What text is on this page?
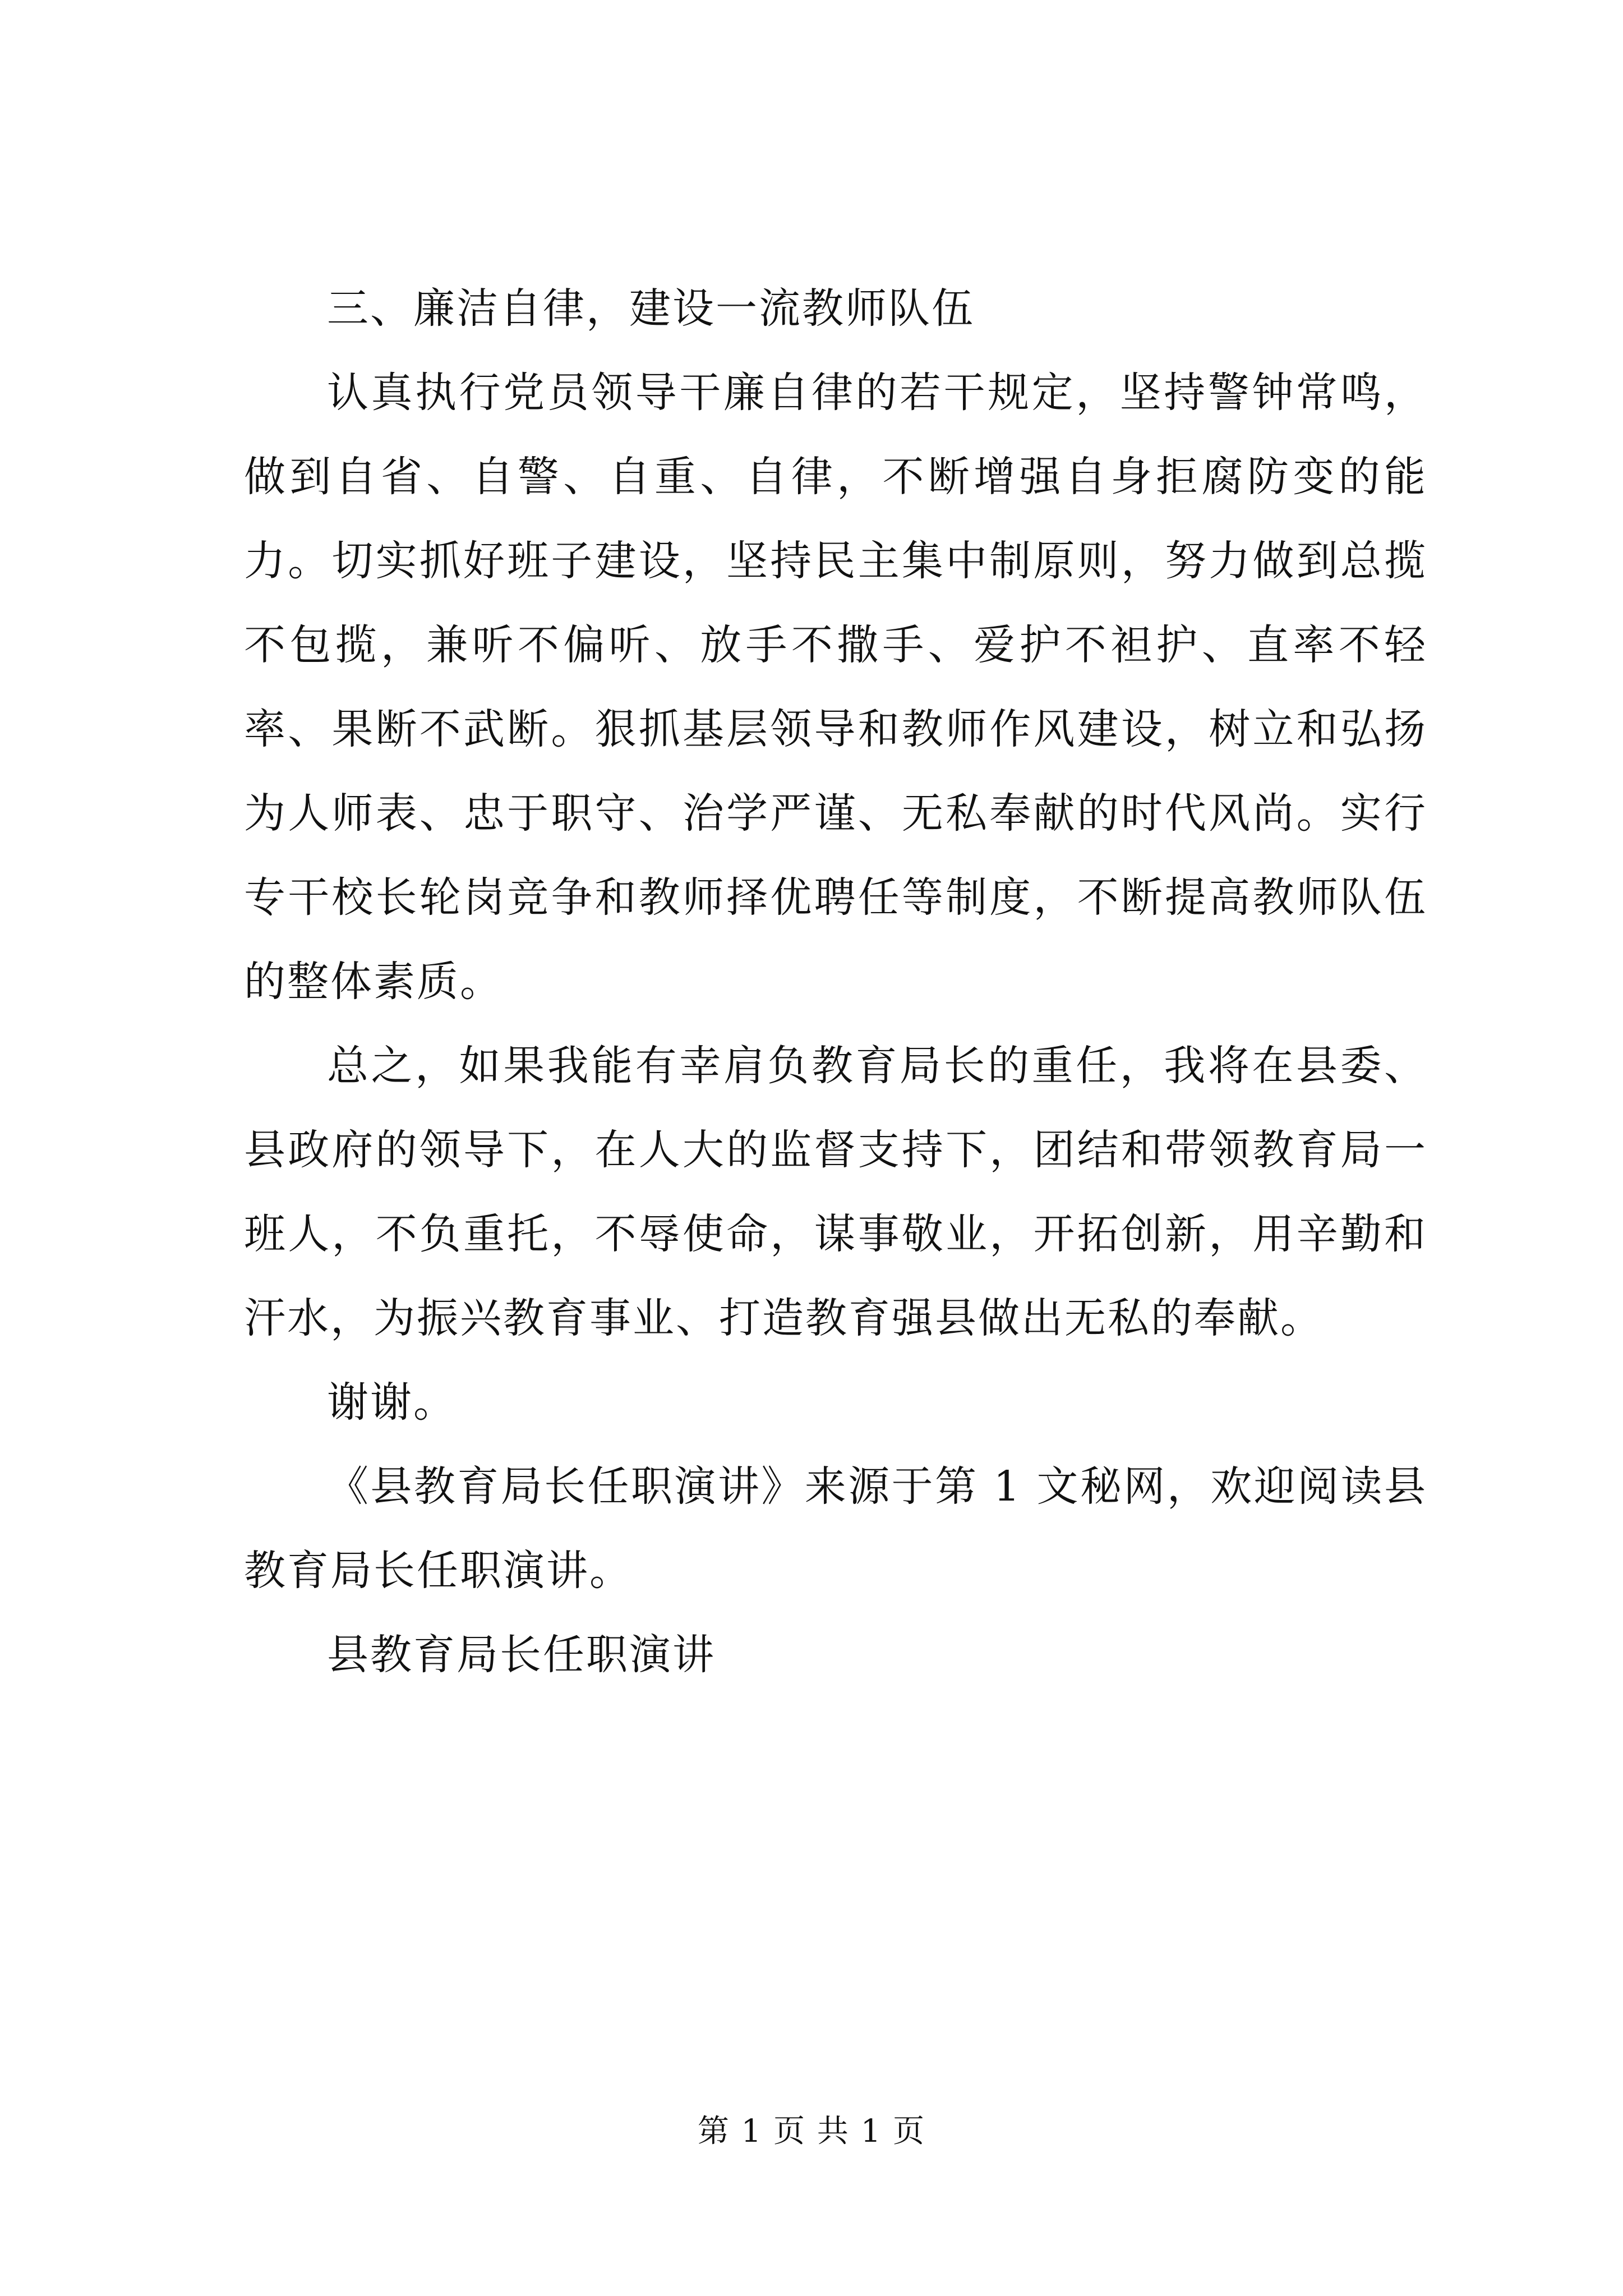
三、廉洁自律，建设一流教师队伍

认真执行党员领导干廉自律的若干规定，坚持警钟常鸣，做到自省、自警、自重、自律，不断增强自身拒腐防变的能力。切实抓好班子建设，坚持民主集中制原则，努力做到总揽不包揽，兼听不偏听、放手不撒手、爱护不袒护、直率不轻率、果断不武断。狠抓基层领导和教师作风建设，树立和弘扬为人师表、忠于职守、治学严谨、无私奉献的时代风尚。实行专干校长轮岗竞争和教师择优聘任等制度，不断提高教师队伍的整体素质。

总之，如果我能有幸肩负教育局长的重任，我将在县委、县政府的领导下，在人大的监督支持下，团结和带领教育局一班人，不负重托，不辱使命，谋事敬业，开拓创新，用辛勤和汗水，为振兴教育事业、打造教育强县做出无私的奉献。

谢谢。

《县教育局长任职演讲》来源于第 1 文秘网，欢迎阅读县教育局长任职演讲。

县教育局长任职演讲

第 1 页 共 1 页
